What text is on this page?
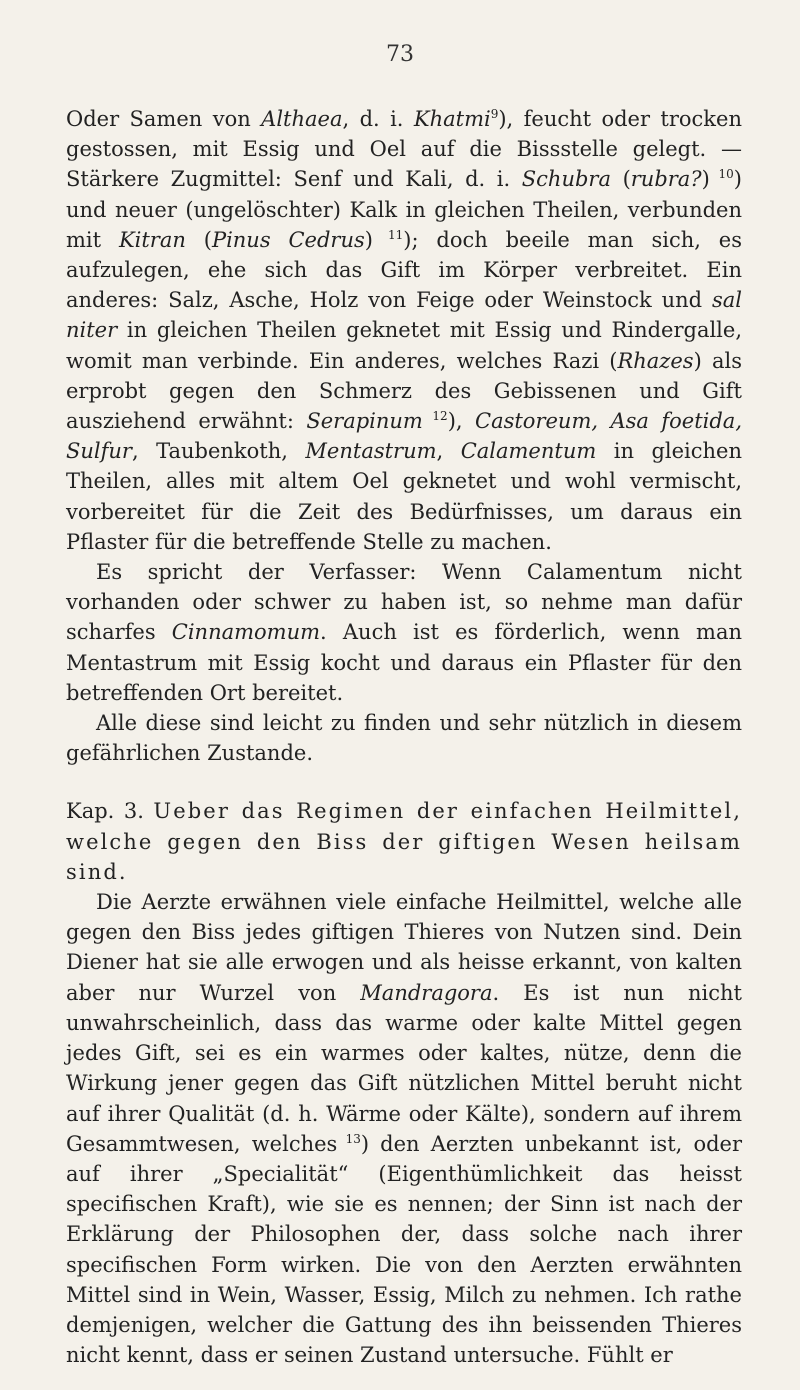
73

Oder Samen von Althaea, d. i. Khatmi$^9$), feucht oder trocken gestossen, mit Essig und Oel auf die Bissstelle gelegt. — Stärkere Zugmittel: Senf und Kali, d. i. Schubra (rubra?) $^{10}$) und neuer (ungelöschter) Kalk in gleichen Theilen, verbunden mit Kitran (Pinus Cedrus) $^{11}$); doch beeile man sich, es aufzulegen, ehe sich das Gift im Körper verbreitet. Ein anderes: Salz, Asche, Holz von Feige oder Weinstock und sal niter in gleichen Theilen geknetet mit Essig und Rindergalle, womit man verbinde. Ein anderes, welches Razi (Rhazes) als erprobt gegen den Schmerz des Gebissenen und Gift ausziehend erwähnt: Serapinum $^{12}$), Castoreum, Asa foetida, Sulfur, Taubenkoth, Mentastrum, Calamentum in gleichen Theilen, alles mit altem Oel geknetet und wohl vermischt, vorbereitet für die Zeit des Bedürfnisses, um daraus ein Pflaster für die betreffende Stelle zu machen.

Es spricht der Verfasser: Wenn Calamentum nicht vorhanden oder schwer zu haben ist, so nehme man dafür scharfes Cinnamomum. Auch ist es förderlich, wenn man Mentastrum mit Essig kocht und daraus ein Pflaster für den betreffenden Ort bereitet.

Alle diese sind leicht zu finden und sehr nützlich in diesem gefährlichen Zustande.

Kap. 3. Ueber das Regimen der einfachen Heilmittel, welche gegen den Biss der giftigen Wesen heilsam sind.

Die Aerzte erwähnen viele einfache Heilmittel, welche alle gegen den Biss jedes giftigen Thieres von Nutzen sind. Dein Diener hat sie alle erwogen und als heisse erkannt, von kalten aber nur Wurzel von Mandragora. Es ist nun nicht unwahrscheinlich, dass das warme oder kalte Mittel gegen jedes Gift, sei es ein warmes oder kaltes, nütze, denn die Wirkung jener gegen das Gift nützlichen Mittel beruht nicht auf ihrer Qualität (d. h. Wärme oder Kälte), sondern auf ihrem Gesammtwesen, welches $^{13}$) den Aerzten unbekannt ist, oder auf ihrer „Specialität“ (Eigenthümlichkeit das heisst specifischen Kraft), wie sie es nennen; der Sinn ist nach der Erklärung der Philosophen der, dass solche nach ihrer specifischen Form wirken. Die von den Aerzten erwähnten Mittel sind in Wein, Wasser, Essig, Milch zu nehmen. Ich rathe demjenigen, welcher die Gattung des ihn beissenden Thieres nicht kennt, dass er seinen Zustand untersuche. Fühlt er
